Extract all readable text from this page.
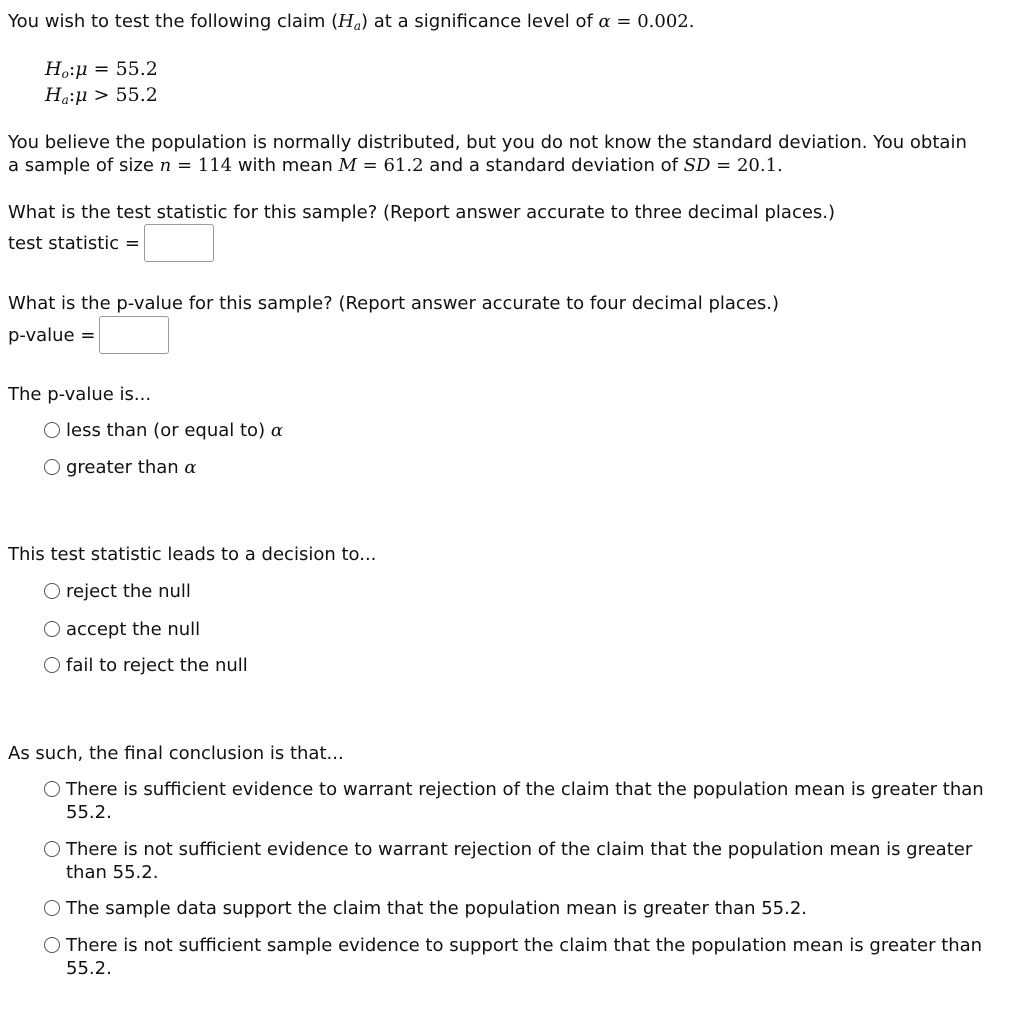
You wish to test the following claim $(H_a)$ at a significance level of α = 0.002.
$H_o:\mu = 55.2$
$H_a:\mu > 55.2$
You believe the population is normally distributed, but you do not know the standard deviation. You obtain
a sample of size n = 114 with mean M = 61.2 and a standard deviation of SD = 20.1.
What is the test statistic for this sample? (Report answer accurate to three decimal places.)
test statistic =
What is the p-value for this sample? (Report answer accurate to four decimal places.)
p-value =
The p-value is...
less than (or equal to) α
greater than α
This test statistic leads to a decision to...
reject the null
accept the null
fail to reject the null
As such, the final conclusion is that...
There is sufficient evidence to warrant rejection of the claim that the population mean is greater than 55.2.
There is not sufficient evidence to warrant rejection of the claim that the population mean is greater than 55.2.
The sample data support the claim that the population mean is greater than 55.2.
There is not sufficient sample evidence to support the claim that the population mean is greater than 55.2.
